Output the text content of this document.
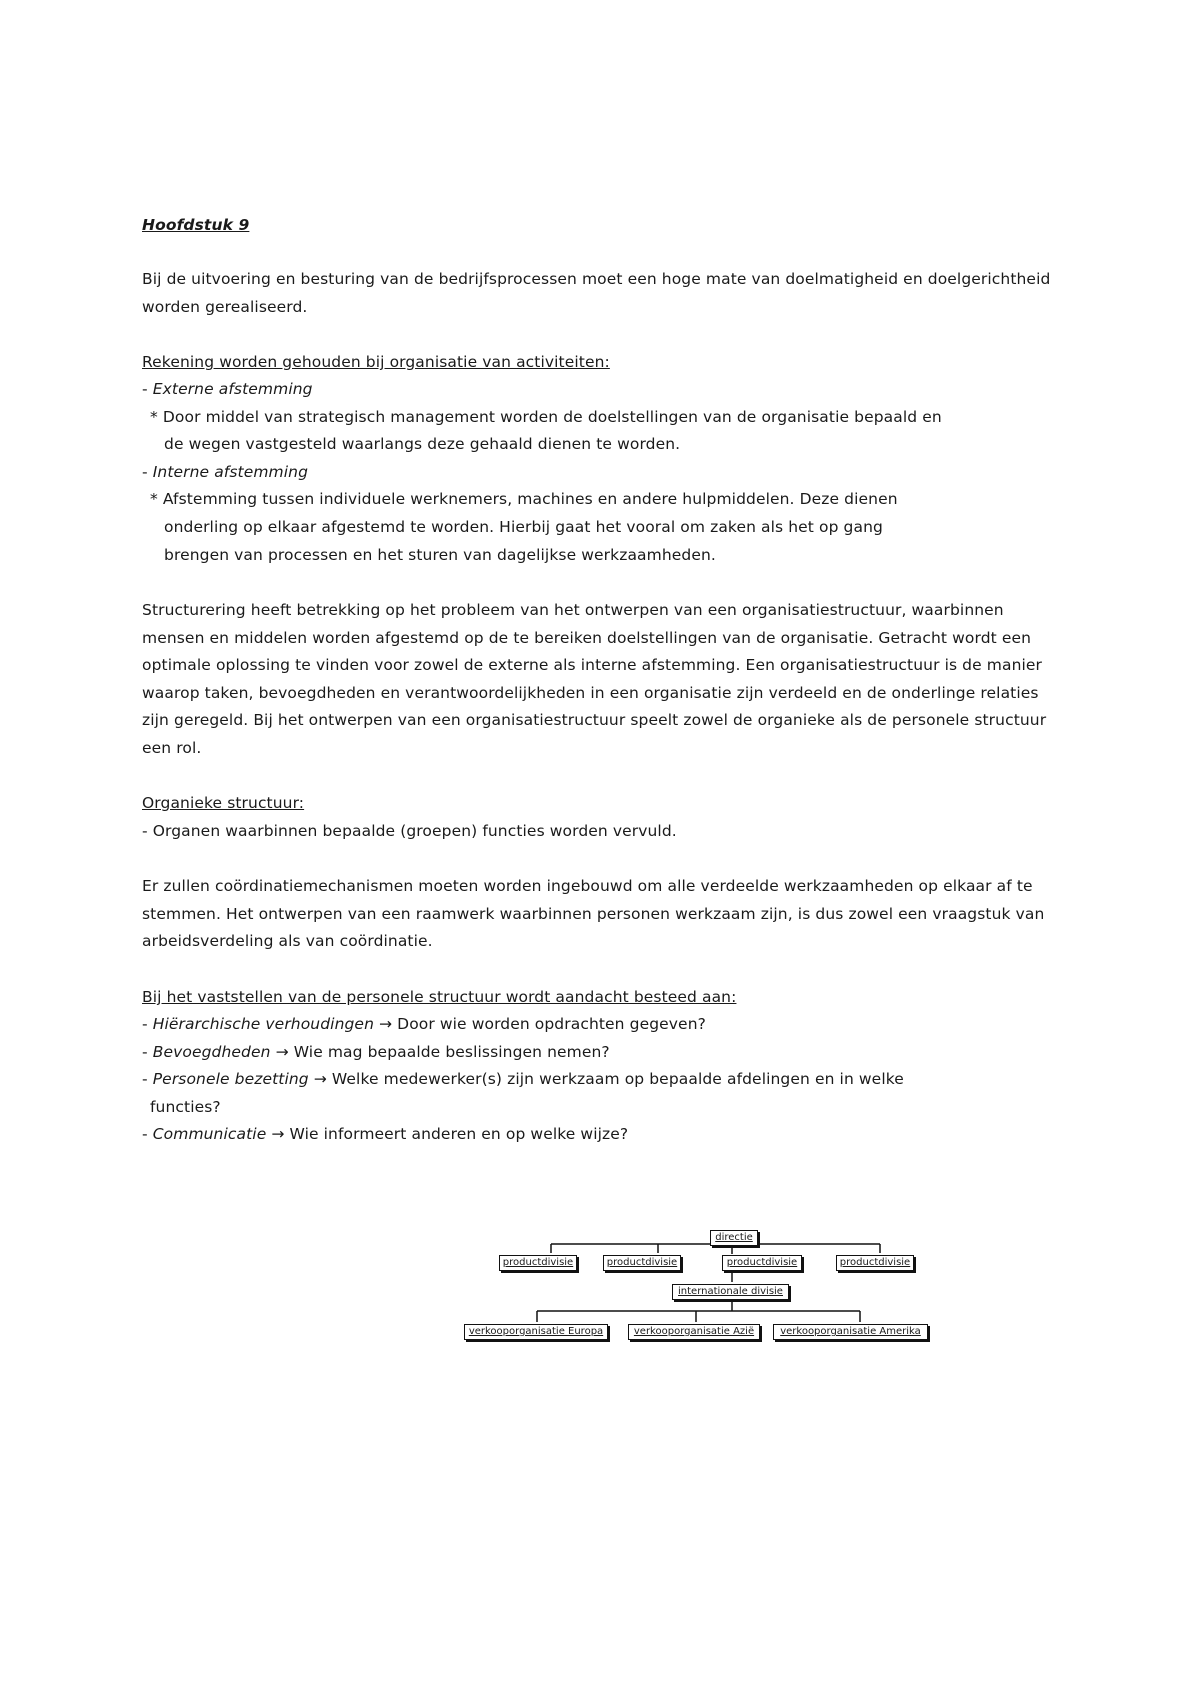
Hoofdstuk 9
Bij de uitvoering en besturing van de bedrijfsprocessen moet een hoge mate van doelmatigheid en doelgerichtheid
worden gerealiseerd.
Rekening worden gehouden bij organisatie van activiteiten:
- Externe afstemming
* Door middel van strategisch management worden de doelstellingen van de organisatie bepaald en
de wegen vastgesteld waarlangs deze gehaald dienen te worden.
- Interne afstemming
* Afstemming tussen individuele werknemers, machines en andere hulpmiddelen. Deze dienen
onderling op elkaar afgestemd te worden. Hierbij gaat het vooral om zaken als het op gang
brengen van processen en het sturen van dagelijkse werkzaamheden.
Structurering heeft betrekking op het probleem van het ontwerpen van een organisatiestructuur, waarbinnen
mensen en middelen worden afgestemd op de te bereiken doelstellingen van de organisatie. Getracht wordt een
optimale oplossing te vinden voor zowel de externe als interne afstemming. Een organisatiestructuur is de manier
waarop taken, bevoegdheden en verantwoordelijkheden in een organisatie zijn verdeeld en de onderlinge relaties
zijn geregeld. Bij het ontwerpen van een organisatiestructuur speelt zowel de organieke als de personele structuur
een rol.
Organieke structuur:
- Organen waarbinnen bepaalde (groepen) functies worden vervuld.
Er zullen coördinatiemechanismen moeten worden ingebouwd om alle verdeelde werkzaamheden op elkaar af te
stemmen. Het ontwerpen van een raamwerk waarbinnen personen werkzaam zijn, is dus zowel een vraagstuk van
arbeidsverdeling als van coördinatie.
Bij het vaststellen van de personele structuur wordt aandacht besteed aan:
- Hiërarchische verhoudingen → Door wie worden opdrachten gegeven?
- Bevoegdheden → Wie mag bepaalde beslissingen nemen?
- Personele bezetting → Welke medewerker(s) zijn werkzaam op bepaalde afdelingen en in welke
functies?
- Communicatie → Wie informeert anderen en op welke wijze?
directie
productdivisie	productdivisie	productdivisie	productdivisie
internationale divisie
verkooporganisatie Europa	verkooporganisatie Azië	verkooporganisatie Amerika
